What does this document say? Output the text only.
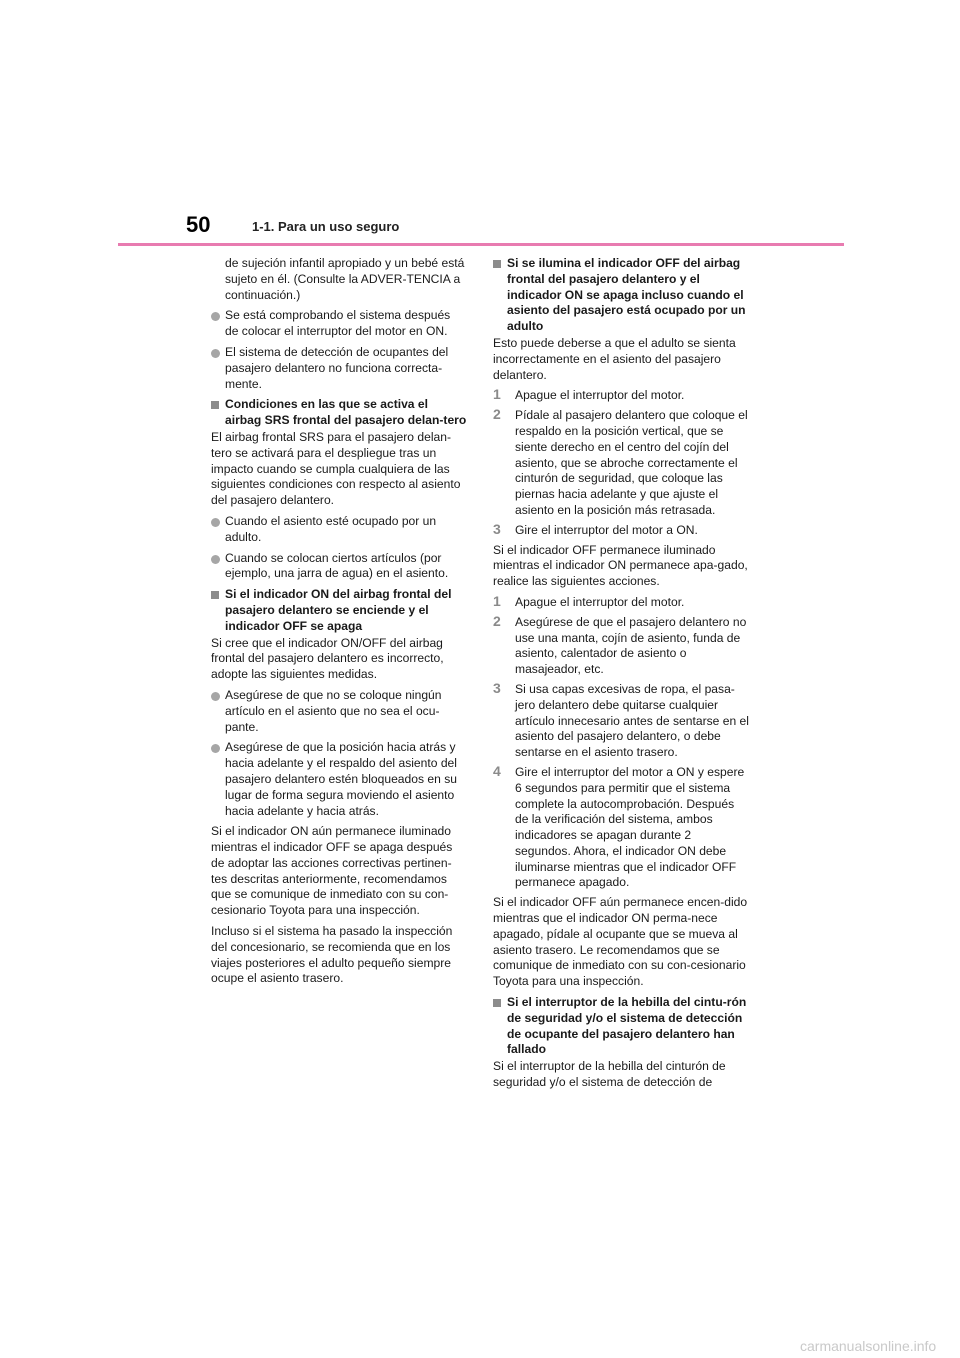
50	1-1. Para un uso seguro
de sujeción infantil apropiado y un bebé está sujeto en él. (Consulte la ADVER-TENCIA a continuación.)
Se está comprobando el sistema después de colocar el interruptor del motor en ON.
El sistema de detección de ocupantes del pasajero delantero no funciona correcta-mente.
Condiciones en las que se activa el airbag SRS frontal del pasajero delan-tero

El airbag frontal SRS para el pasajero delan-tero se activará para el despliegue tras un impacto cuando se cumpla cualquiera de las siguientes condiciones con respecto al asiento del pasajero delantero.

Cuando el asiento esté ocupado por un adulto.
Cuando se colocan ciertos artículos (por ejemplo, una jarra de agua) en el asiento.
Si el indicador ON del airbag frontal del pasajero delantero se enciende y el indicador OFF se apaga

Si cree que el indicador ON/OFF del airbag frontal del pasajero delantero es incorrecto, adopte las siguientes medidas.

Asegúrese de que no se coloque ningún artículo en el asiento que no sea el ocu-pante.
Asegúrese de que la posición hacia atrás y hacia adelante y el respaldo del asiento del pasajero delantero estén bloqueados en su lugar de forma segura moviendo el asiento hacia adelante y hacia atrás.

Si el indicador ON aún permanece iluminado mientras el indicador OFF se apaga después de adoptar las acciones correctivas pertinen-tes descritas anteriormente, recomendamos que se comunique de inmediato con su con-cesionario Toyota para una inspección.

Incluso si el sistema ha pasado la inspección del concesionario, se recomienda que en los viajes posteriores el adulto pequeño siempre ocupe el asiento trasero.

Si se ilumina el indicador OFF del airbag frontal del pasajero delantero y el indicador ON se apaga incluso cuando el asiento del pasajero está ocupado por un adulto

Esto puede deberse a que el adulto se sienta incorrectamente en el asiento del pasajero delantero.

1 Apague el interruptor del motor.
2 Pídale al pasajero delantero que coloque el respaldo en la posición vertical, que se siente derecho en el centro del cojín del asiento, que se abroche correctamente el cinturón de seguridad, que coloque las piernas hacia adelante y que ajuste el asiento en la posición más retrasada.
3 Gire el interruptor del motor a ON.

Si el indicador OFF permanece iluminado mientras el indicador ON permanece apa-gado, realice las siguientes acciones.

1 Apague el interruptor del motor.
2 Asegúrese de que el pasajero delantero no use una manta, cojín de asiento, funda de asiento, calentador de asiento o masajeador, etc.
3 Si usa capas excesivas de ropa, el pasa-jero delantero debe quitarse cualquier artículo innecesario antes de sentarse en el asiento del pasajero delantero, o debe sentarse en el asiento trasero.
4 Gire el interruptor del motor a ON y espere 6 segundos para permitir que el sistema complete la autocomprobación. Después de la verificación del sistema, ambos indicadores se apagan durante 2 segundos. Ahora, el indicador ON debe iluminarse mientras que el indicador OFF permanece apagado.

Si el indicador OFF aún permanece encen-dido mientras que el indicador ON perma-nece apagado, pídale al ocupante que se mueva al asiento trasero. Le recomendamos que se comunique de inmediato con su con-cesionario Toyota para una inspección.

Si el interruptor de la hebilla del cintu-rón de seguridad y/o el sistema de detección de ocupante del pasajero delantero han fallado

Si el interruptor de la hebilla del cinturón de seguridad y/o el sistema de detección de

carmanualsonline.info
